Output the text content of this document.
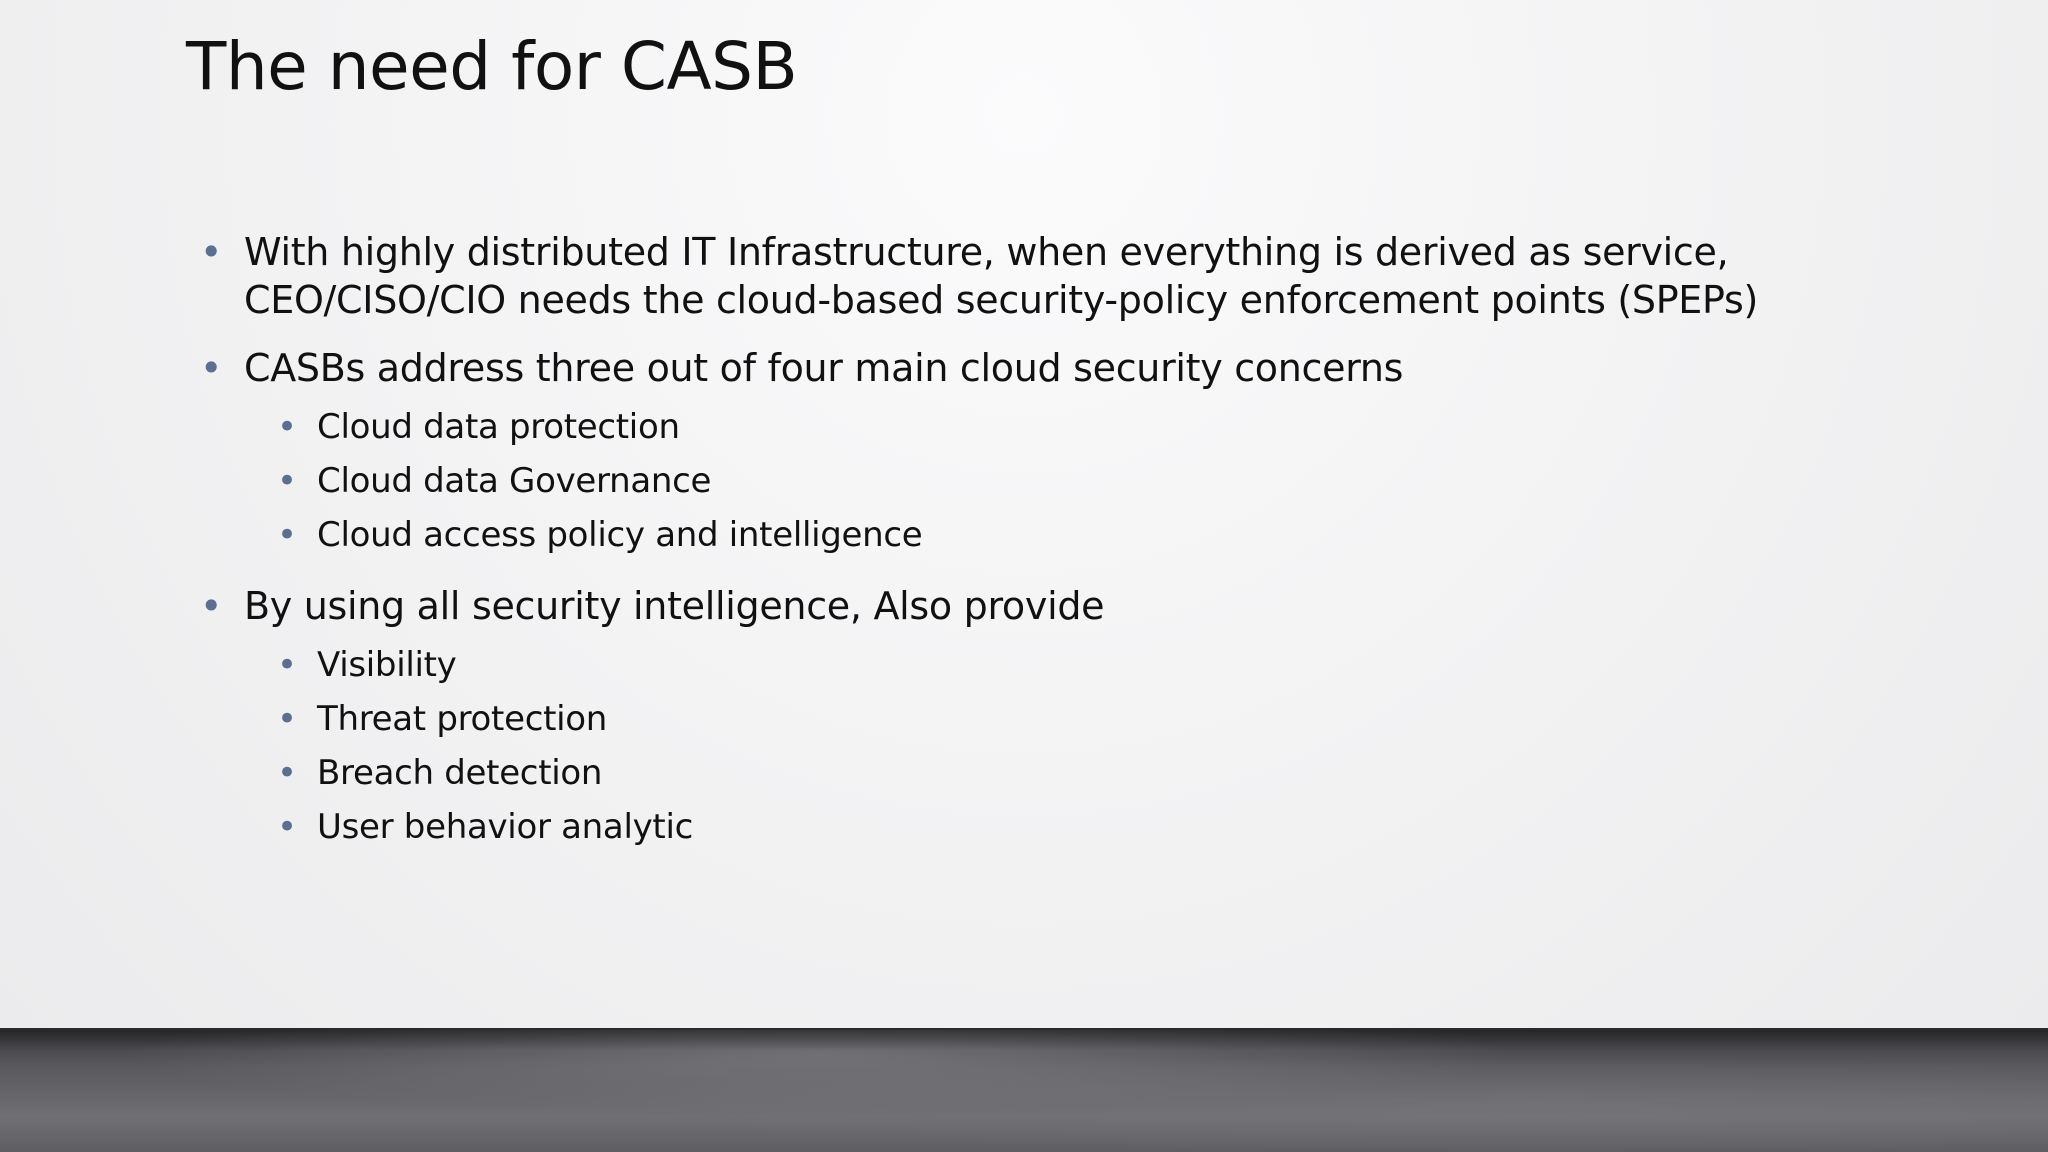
The need for CASB
• With highly distributed IT Infrastructure, when everything is derived as service,
CEO/CISO/CIO needs the cloud-based security-policy enforcement points (SPEPs)
• CASBs address three out of four main cloud security concerns
• Cloud data protection
• Cloud data Governance
• Cloud access policy and intelligence
• By using all security intelligence, Also provide
• Visibility
• Threat protection
• Breach detection
• User behavior analytic
